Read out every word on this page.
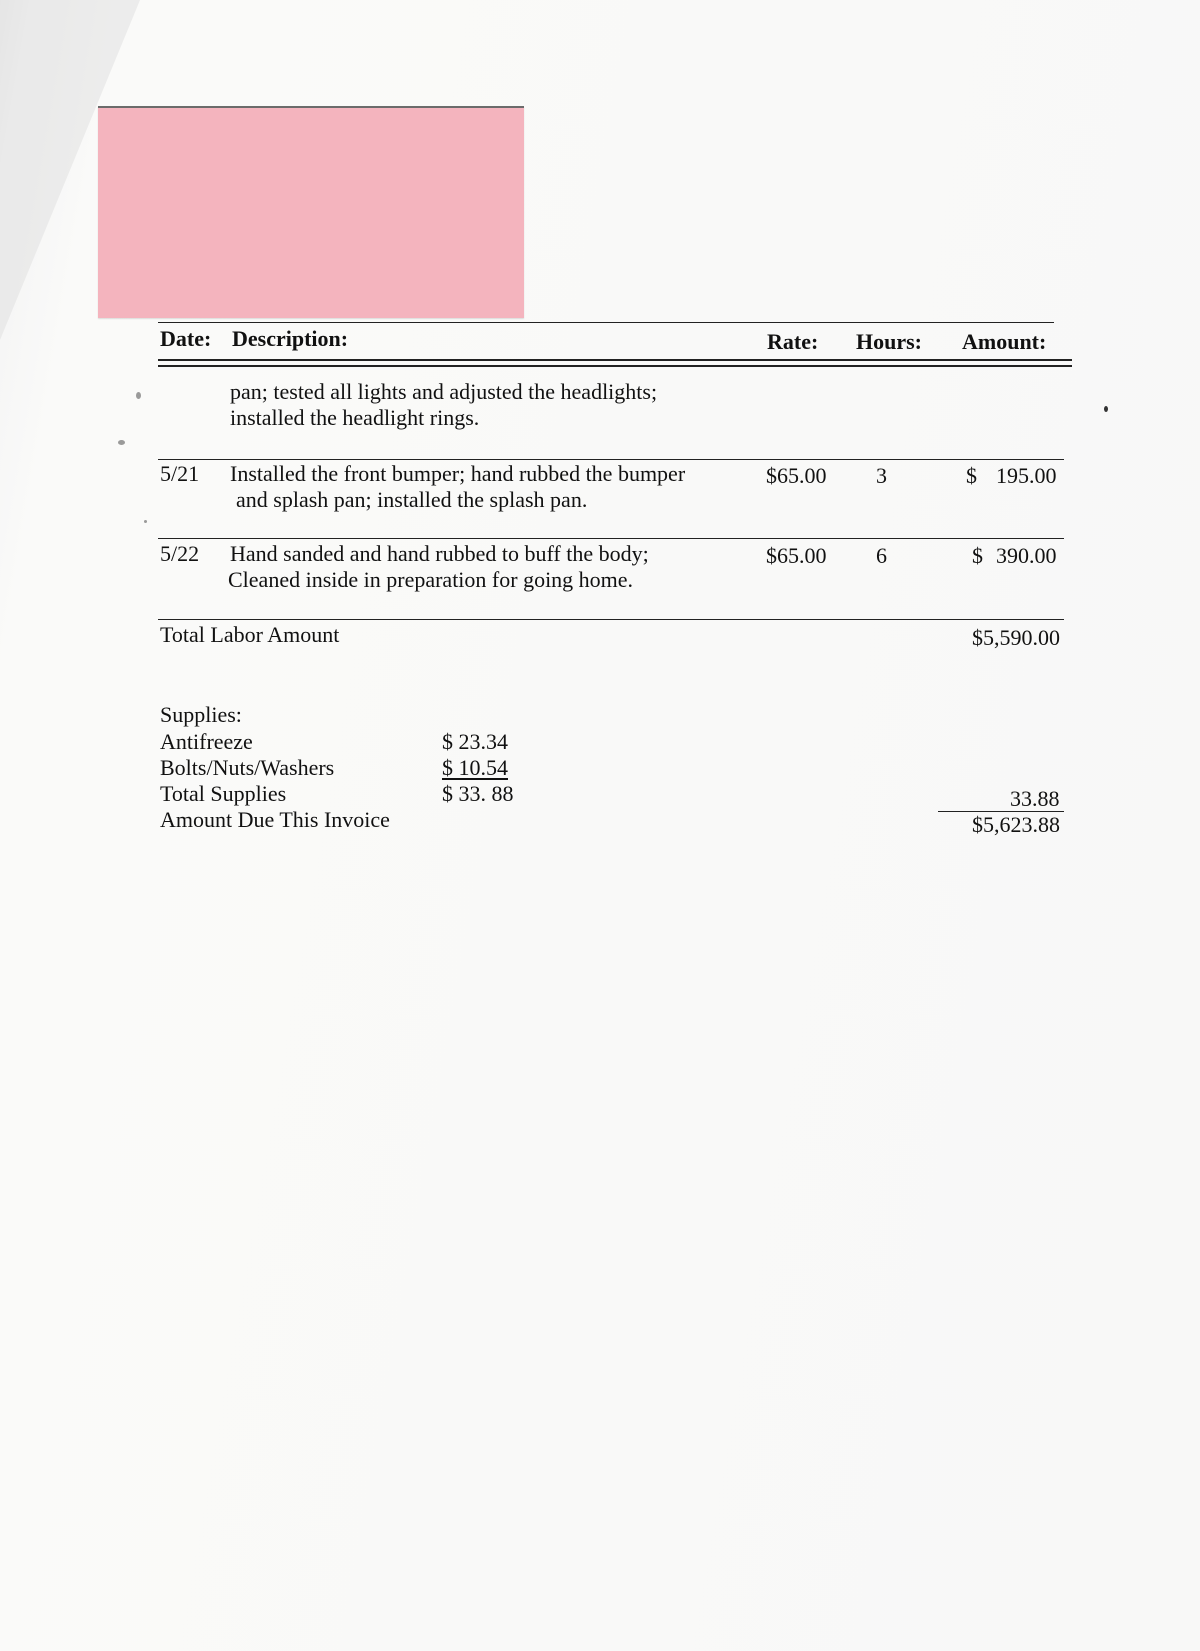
Date: Description:	Rate: Hours: Amount:
pan; tested all lights and adjusted the headlights;
installed the headlight rings.
5/21 Installed the front bumper; hand rubbed the bumper
and splash pan; installed the splash pan.
$65.00 3	$ 195.00
5/22 Hand sanded and hand rubbed to buff the body;
Cleaned inside in preparation for going home.
$65.00 6	$ 390.00
Total Labor Amount	$5,590.00
Supplies:
Antifreeze	$ 23.34
Bolts/Nuts/Washers	$ 10.54
Total Supplies	$ 33. 88	33.88
Amount Due This Invoice	$5,623.88
